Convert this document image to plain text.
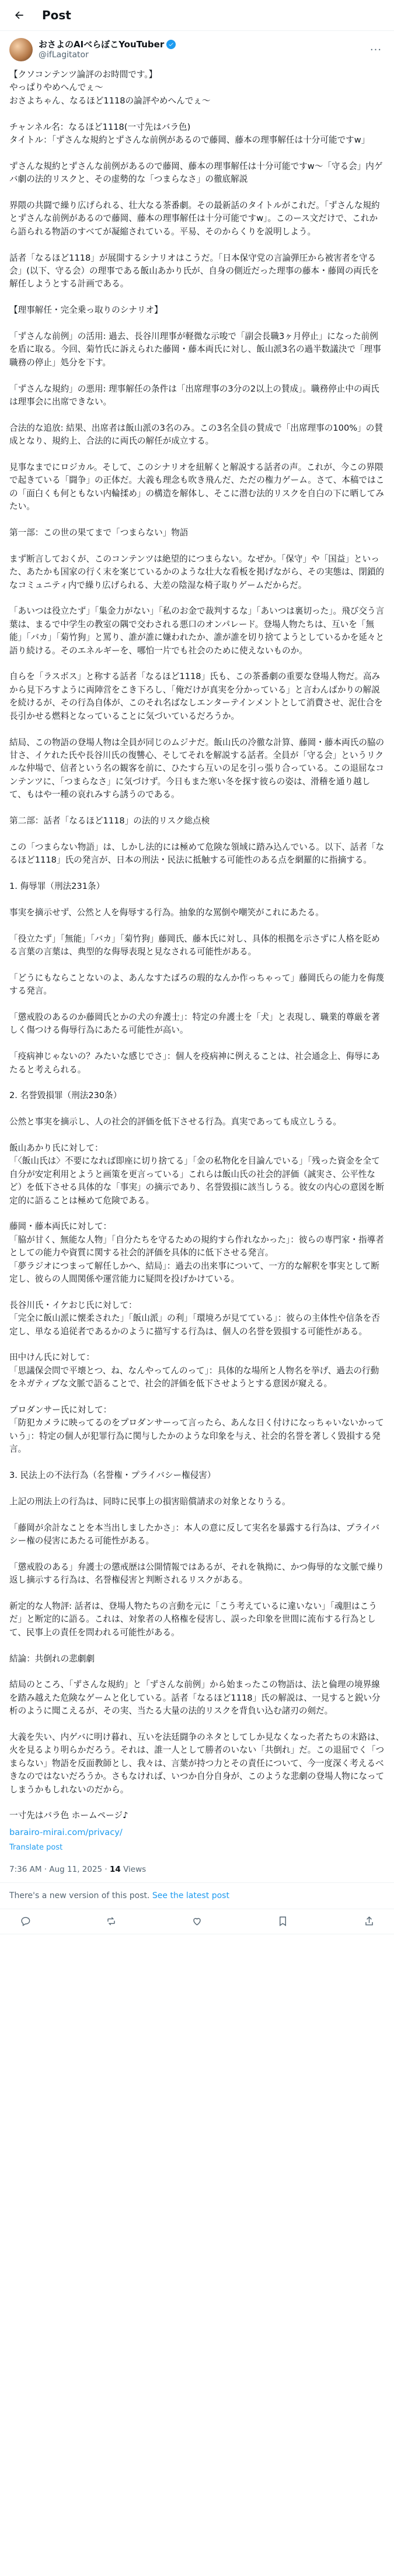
Post
おさよのAIべらぼこYouTuber
@ifLagitator	···

【クソコンテンツ論評のお時間です。】
やっぱりやめへんでぇ〜
おさよちゃん、なるほど1118の論評やめへんでぇ〜

チャンネル名：なるほど1118(一寸先はバラ色)
タイトル：「ずさんな規約とずさんな前例があるので藤岡、藤本の理事解任は十分可能ですw」

ずさんな規約とずさんな前例があるので藤岡、藤本の理事解任は十分可能ですw～「守る会」内ゲバ劇の法的リスクと、その虚勢的な「つまらなさ」の徹底解説

界隈の共闘で繰り広げられる、壮大なる茶番劇。その最新話のタイトルがこれだ。「ずさんな規約とずさんな前例があるので藤岡、藤本の理事解任は十分可能ですw」。このース文だけで、これから語られる物語のすべてが凝縮されている。平易、そのからくりを説明しよう。

話者「なるほど1118」が展開するシナリオはこうだ。「日本保守党の言論弾圧から被害者を守る会」(以下、守る会）の理事である飯山あかり氏が、自身の側近だった理事の藤本・藤岡の両氏を解任しようとする計画である。

【理事解任・完全乗っ取りのシナリオ】

「ずさんな前例」の活用: 過去、長谷川理事が軽微な示唆で「副会長職3ヶ月停止」になった前例を盾に取る。今回、菊竹氏に訴えられた藤岡・藤本両氏に対し、飯山派3名の過半数議決で「理事職務の停止」処分を下す。

「ずさんな規約」の悪用: 理事解任の条件は「出席理事の3分の2以上の賛成」。職務停止中の両氏は理事会に出席できない。

合法的な追放: 結果、出席者は飯山派の3名のみ。この3名全員の賛成で「出席理事の100%」の賛成となり、規約上、合法的に両氏の解任が成立する。

見事なまでにロジカル。そして、このシナリオを紐解くと解説する話者の声。これが、今この界隈で起きている「闘争」の正体だ。大義も理念も吹き飛んだ、ただの権力ゲーム。さて、本稿ではこの「面白くも何ともない内輪揉め」の構造を解体し、そこに潜む法的リスクを自白の下に晒してみたい。

第一部：この世の果てまで「つまらない」物語

まず断言しておくが、このコンテンツは絶望的につまらない。なぜか。「保守」や「国益」といった、あたかも国家の行く末を案じているかのような壮大な看板を掲げながら、その実態は、閉鎖的なコミュニティ内で繰り広げられる、大差の陰湿な椅子取りゲームだからだ。

「あいつは役立たず」「集金力がない」「私のお金で裁判するな」「あいつは裏切った」。飛び交う言葉は、まるで中学生の教室の隅で交わされる悪口のオンパレード。登場人物たちは、互いを「無能」「バカ」「菊竹狗」と罵り、誰が誰に嫌われたか、誰が誰を切り捨てようとしているかを延々と語り続ける。そのエネルギーを、哪怕一片でも社会のために使えないものか。

自らを「ラスボス」と称する話者「なるほど1118」氏も、この茶番劇の重要な登場人物だ。高みから見下ろすように両陣営をこき下ろし、「俺だけが真実を分かっている」と言わんばかりの解説を続けるが、その行為自体が、このそれ名ばなしエンターテインメントとして消費させ、泥仕合を長引かせる燃料となっていることに気づいているだろうか。

結局、この物語の登場人物は全員が同じのムジナだ。飯山氏の冷徹な計算、藤岡・藤本両氏の脇の甘さ、イケれた氏や長谷川氏の復讐心、そしてそれを解説する話者。全員が「守る会」というリクルな仲場で、信者という名の観客を前に、ひたすら互いの足を引っ張り合っている。この退屈なコンテンツに、「つまらなさ」に気づけず。今日もまた寒い冬を探す彼らの姿は、滑稽を通り越して、もはや一種の哀れみすら誘うのである。

第二部：話者「なるほど1118」の法的リスク総点検

この「つまらない物語」は、しかし法的には極めて危険な領域に踏み込んでいる。以下、話者「なるほど1118」氏の発言が、日本の刑法・民法に抵触する可能性のある点を網羅的に指摘する。

1. 侮辱罪（刑法231条）

事実を摘示せず、公然と人を侮辱する行為。抽象的な罵倒や嘲笑がこれにあたる。

「役立たず」「無能」「バカ」「菊竹狗」藤岡氏、藤本氏に対し、具体的根拠を示さずに人格を貶める言葉の言葉は、典型的な侮辱表現と見なされる可能性がある。

「どうにもならことないのよ、あんなすたばろの瑕的なんか作っちゃって」藤岡氏らの能力を侮蔑する発言。

「懲戒股のあるのか藤岡氏とかの犬の弁護士」：特定の弁護士を「犬」と表現し、職業的尊厳を著しく傷つける侮辱行為にあたる可能性が高い。

「疫病神じゃないの？みたいな感じでさ」：個人を疫病神に例えることは、社会通念上、侮辱にあたると考えられる。

2. 名誉毀損罪（刑法230条）

公然と事実を摘示し、人の社会的評価を低下させる行為。真実であっても成立しうる。

飯山あかり氏に対して：
「〈飯山氏は〉不要になれば即座に切り捨てる」「金の私物化を目論んでいる」「残った資金を全て自分が安定利用とようと画策を更言っている」これらは飯山氏の社会的評価（誠実さ、公平性など）を低下させる具体的な「事実」の摘示であり、名誉毀損に該当しうる。彼女の内心の意図を断定的に語ることは極めて危険である。

藤岡・藤本両氏に対して：
「脇が甘く、無能な人物」「自分たちを守るための規約すら作れなかった」：彼らの専門家・指導者としての能力や資質に関する社会的評価を具体的に低下させる発言。
「夢ラジオにつまって解任しかへ、結局」：過去の出来事について、一方的な解釈を事実として断定し、彼らの人間関係や運営能力に疑問を投げかけている。

長谷川氏・イケおじ氏に対して：
「完全に飯山派に懐柔された」「飯山派」の利」「環境ろが見てている」：彼らの主体性や信条を否定し、単なる追従者であるかのように描写する行為は、個人の名誉を毀損する可能性がある。

田中けん氏に対して：
「思議保会問で平壊とつ、ね、なんやってんのって」：具体的な場所と人物名を挙げ、過去の行動をネガティブな文脈で語ることで、社会的評価を低下させようとする意図が窺える。

プロダンサー氏に対して：
「防犯カメラに映ってるのをプロダンサーって言ったら、あんな日く付けになっちゃいないかっていう」：特定の個人が犯罪行為に関与したかのような印象を与え、社会的名誉を著しく毀損する発言。

3. 民法上の不法行為（名誉権・プライバシー権侵害）

上記の刑法上の行為は、同時に民事上の損害賠償請求の対象となりうる。

「藤岡が余計なことを本当出しましたかさ」：本人の意に反して実名を暴露する行為は、プライバシー権の侵害にあたる可能性がある。

「懲戒股のある」弁護士の懲戒歴は公開情報ではあるが、それを執拗に、かつ侮辱的な文脈で繰り返し摘示する行為は、名誉権侵害と判断されるリスクがある。

新定的な人物評: 話者は、登場人物たちの言動を元に「こう考えているに違いない」「魂胆はこうだ」と断定的に語る。これは、対象者の人格権を侵害し、誤った印象を世間に流布する行為として、民事上の責任を問われる可能性がある。

結論：共倒れの悲劇劇

結局のところ、「ずさんな規約」と「ずさんな前例」から始まったこの物語は、法と倫理の境界線を踏み越えた危険なゲームと化している。話者「なるほど1118」氏の解説は、一見すると鋭い分析のように聞こえるが、その実、当たる大量の法的リスクを背負い込む諸刃の剣だ。

大義を失い、内ゲバに明け暮れ、互いを法廷闘争のネタとしてしか見なくなった者たちの末路は、火を見るより明らかだろう。それは、誰一人として勝者のいない「共倒れ」だ。この退屈でく「つまらない」物語を反面教師とし、我々は、言葉が持つ力とその責任について、今一度深く考えるべきなのではないだろうか。さもなければ、いつか自分自身が、このような悲劇の登場人物になってしまうかもしれないのだから。

一寸先はバラ色 ホームページ♪

barairo-mirai.com/privacy/
Translate post
7:36 AM · Aug 11, 2025 · 14 Views
There's a new version of this post. See the latest post
